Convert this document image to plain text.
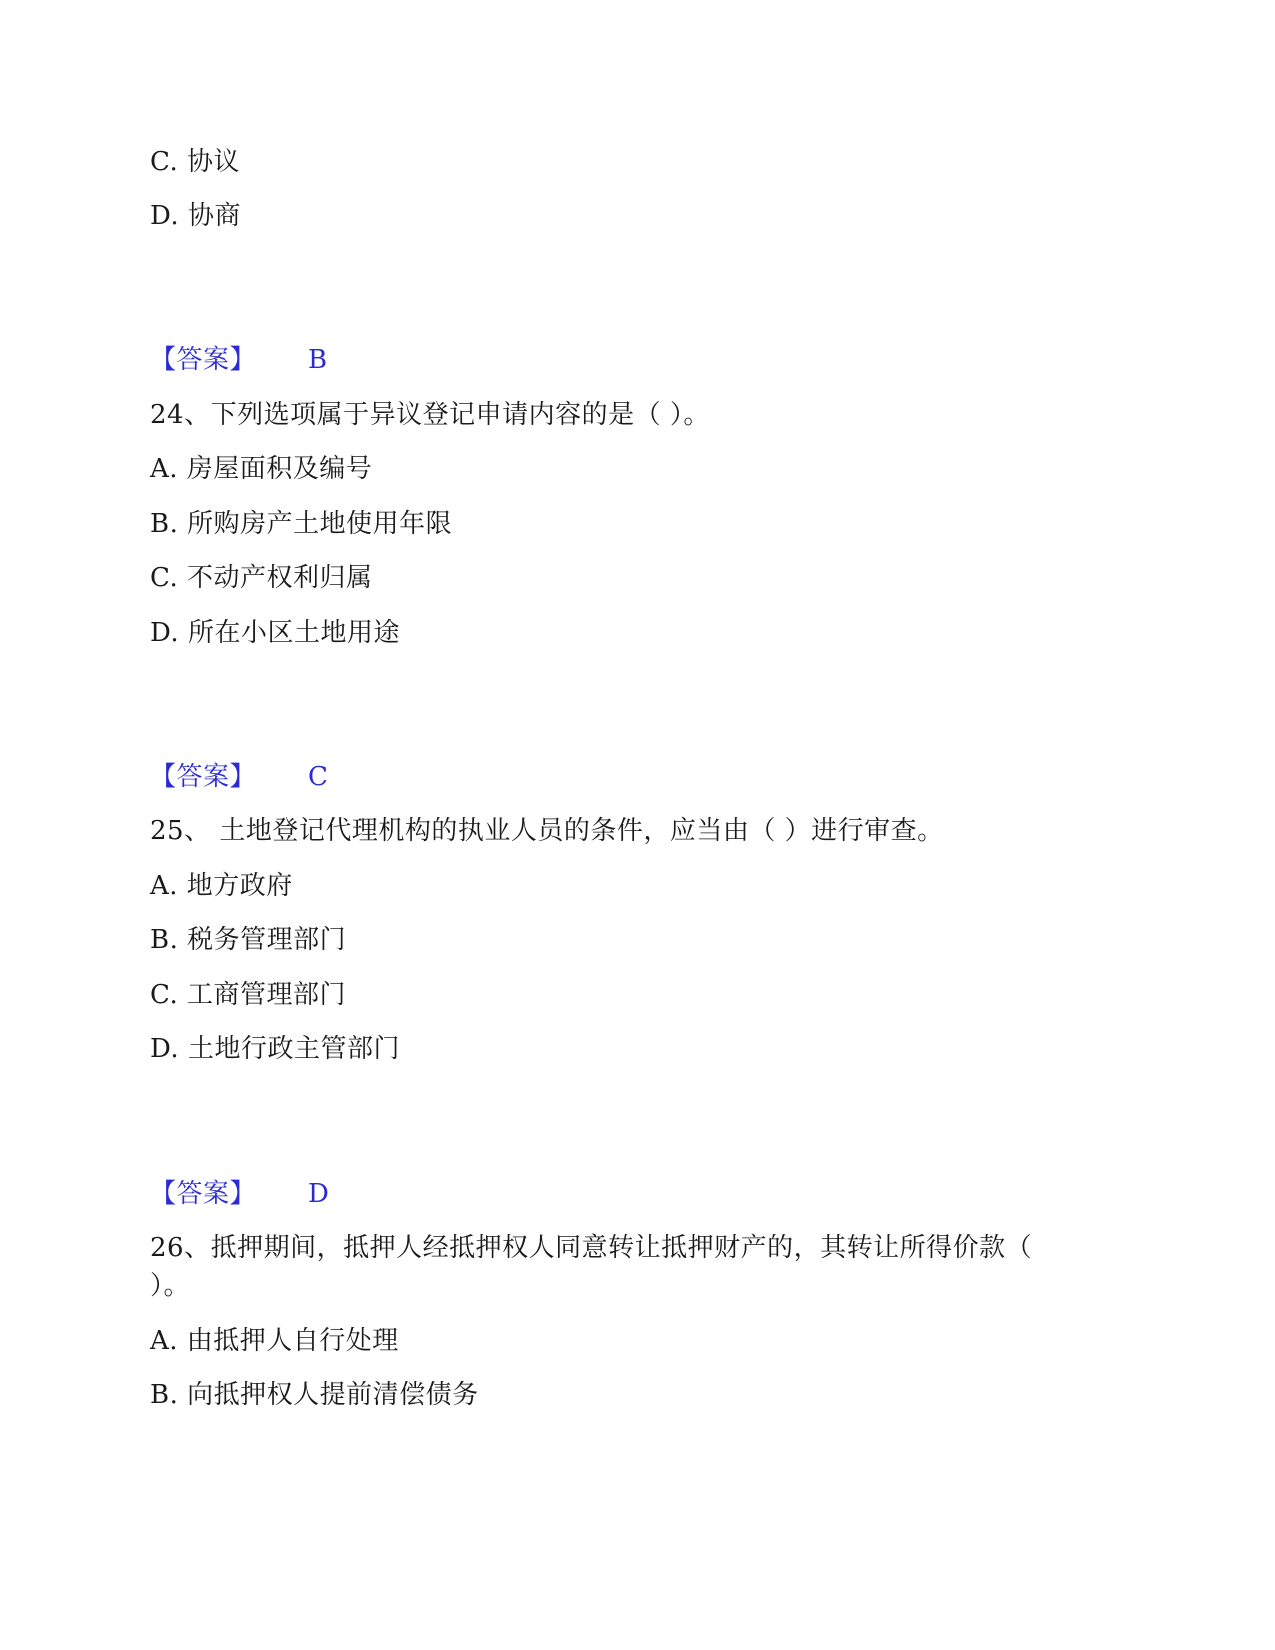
C. 协议
D. 协商
【答案】 B
24、下列选项属于异议登记申请内容的是（ ）。
A. 房屋面积及编号
B. 所购房产土地使用年限
C. 不动产权利归属
D. 所在小区土地用途
【答案】 C
25、 土地登记代理机构的执业人员的条件，应当由（ ）进行审查。
A. 地方政府
B. 税务管理部门
C. 工商管理部门
D. 土地行政主管部门
【答案】 D
26、抵押期间，抵押人经抵押权人同意转让抵押财产的，其转让所得价款（
）。
A. 由抵押人自行处理
B. 向抵押权人提前清偿债务
